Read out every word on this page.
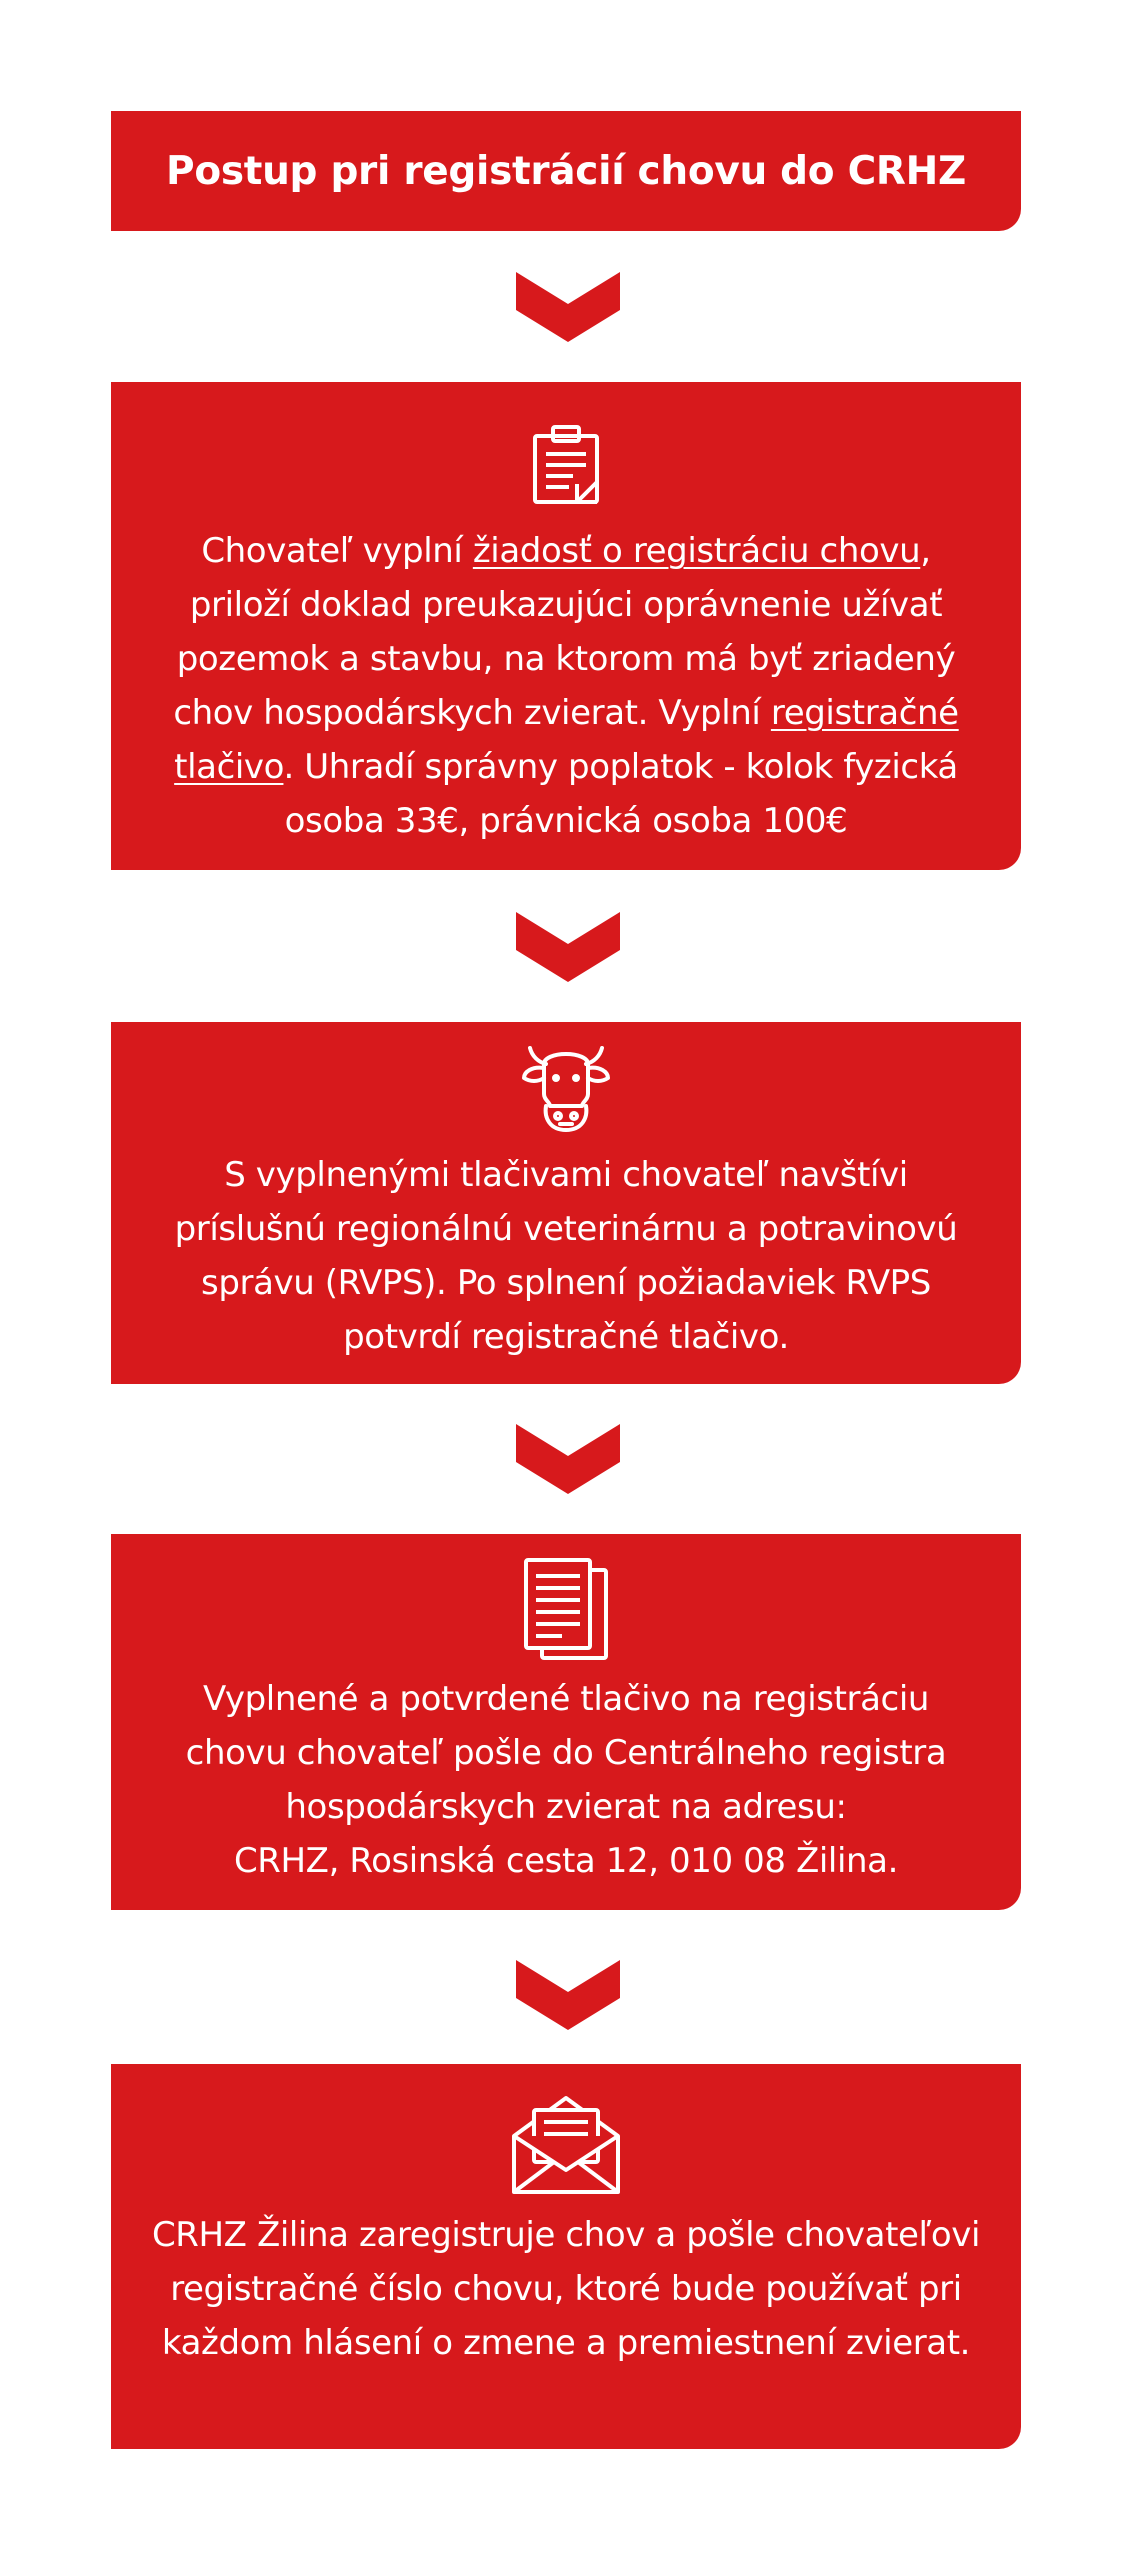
Postup pri registrácií chovu do CRHZ
Chovateľ vyplní žiadosť o registráciu chovu, priloží doklad preukazujúci oprávnenie užívať pozemok a stavbu, na ktorom má byť zriadený chov hospodárskych zvierat. Vyplní registračné tlačivo. Uhradí správny poplatok - kolok fyzická osoba 33€, právnická osoba 100€
S vyplnenými tlačivami chovateľ navštívi príslušnú regionálnú veterinárnu a potravinovú správu (RVPS). Po splnení požiadaviek RVPS potvrdí registračné tlačivo.
Vyplnené a potvrdené tlačivo na registráciu chovu chovateľ pošle do Centrálneho registra hospodárskych zvierat na adresu:
CRHZ, Rosinská cesta 12, 010 08 Žilina.
CRHZ Žilina zaregistruje chov a pošle chovateľovi registračné číslo chovu, ktoré bude používať pri každom hlásení o zmene a premiestnení zvierat.
